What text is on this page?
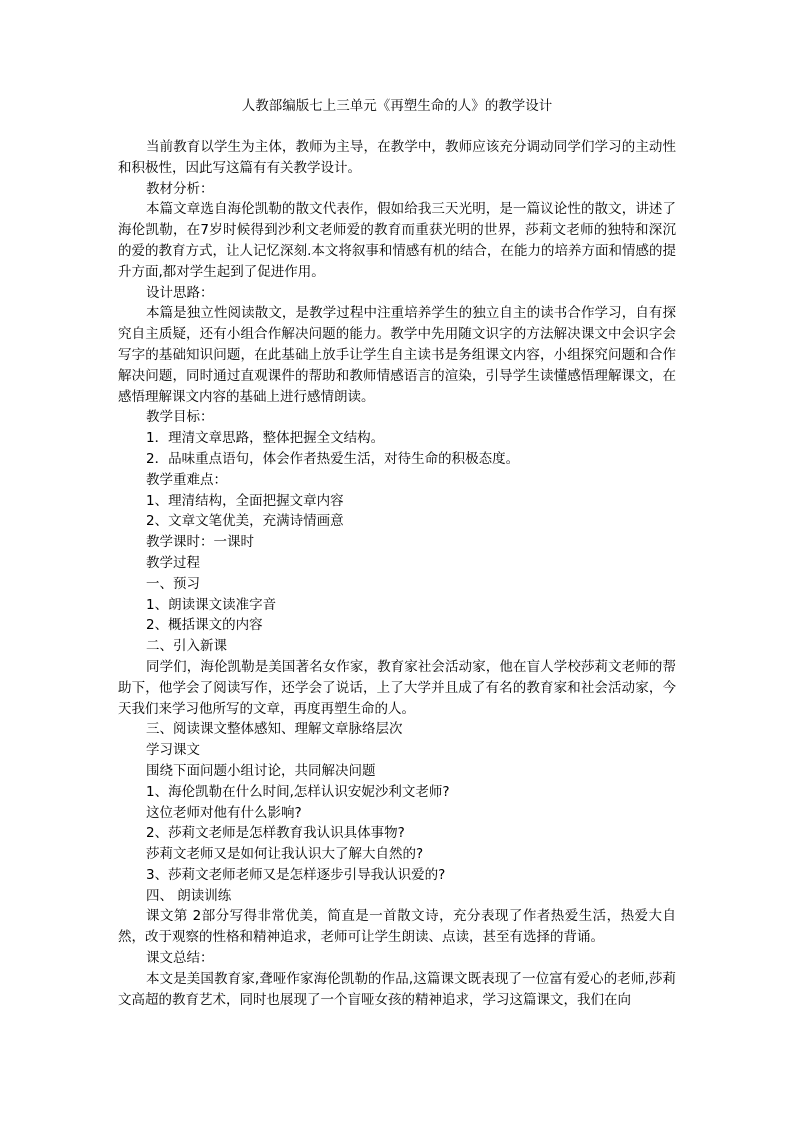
人教部编版七上三单元《再塑生命的人》的教学设计

当前教育以学生为主体，教师为主导，在教学中，教师应该充分调动同学们学习的主动性和积极性，因此写这篇有有关教学设计。

教材分析：

本篇文章选自海伦凯勒的散文代表作，假如给我三天光明，是一篇议论性的散文，讲述了海伦凯勒，在7岁时候得到沙利文老师爱的教育而重获光明的世界，莎莉文老师的独特和深沉的爱的教育方式，让人记忆深刻.本文将叙事和情感有机的结合，在能力的培养方面和情感的提升方面,都对学生起到了促进作用。

设计思路：

本篇是独立性阅读散文，是教学过程中注重培养学生的独立自主的读书合作学习，自有探究自主质疑，还有小组合作解决问题的能力。教学中先用随文识字的方法解决课文中会识字会写字的基础知识问题，在此基础上放手让学生自主读书是务组课文内容，小组探究问题和合作解决问题，同时通过直观课件的帮助和教师情感语言的渲染，引导学生读懂感悟理解课文，在感悟理解课文内容的基础上进行感情朗读。

教学目标：

1．理清文章思路，整体把握全文结构。

2．品味重点语句，体会作者热爱生活，对待生命的积极态度。

教学重难点：

1、理清结构，全面把握文章内容

2、文章文笔优美，充满诗情画意

教学课时：一课时

教学过程

一、预习

1、朗读课文读准字音

2、概括课文的内容

二、引入新课

同学们，海伦凯勒是美国著名女作家，教育家社会活动家，他在盲人学校莎莉文老师的帮助下，他学会了阅读写作，还学会了说话，上了大学并且成了有名的教育家和社会活动家，今天我们来学习他所写的文章，再度再塑生命的人。

三、阅读课文整体感知、理解文章脉络层次

学习课文

围绕下面问题小组讨论，共同解决问题

1、海伦凯勒在什么时间,怎样认识安妮沙利文老师?

这位老师对他有什么影响?

2、莎莉文老师是怎样教育我认识具体事物?

莎莉文老师又是如何让我认识大了解大自然的?

3、莎莉文老师老师又是怎样逐步引导我认识爱的?

四、 朗读训练

课文第 2部分写得非常优美，简直是一首散文诗，充分表现了作者热爱生活，热爱大自然，改于观察的性格和精神追求，老师可让学生朗读、点读，甚至有选择的背诵。

课文总结：

本文是美国教育家,聋哑作家海伦凯勒的作品,这篇课文既表现了一位富有爱心的老师,莎莉文高超的教育艺术，同时也展现了一个盲哑女孩的精神追求，学习这篇课文，我们在向
